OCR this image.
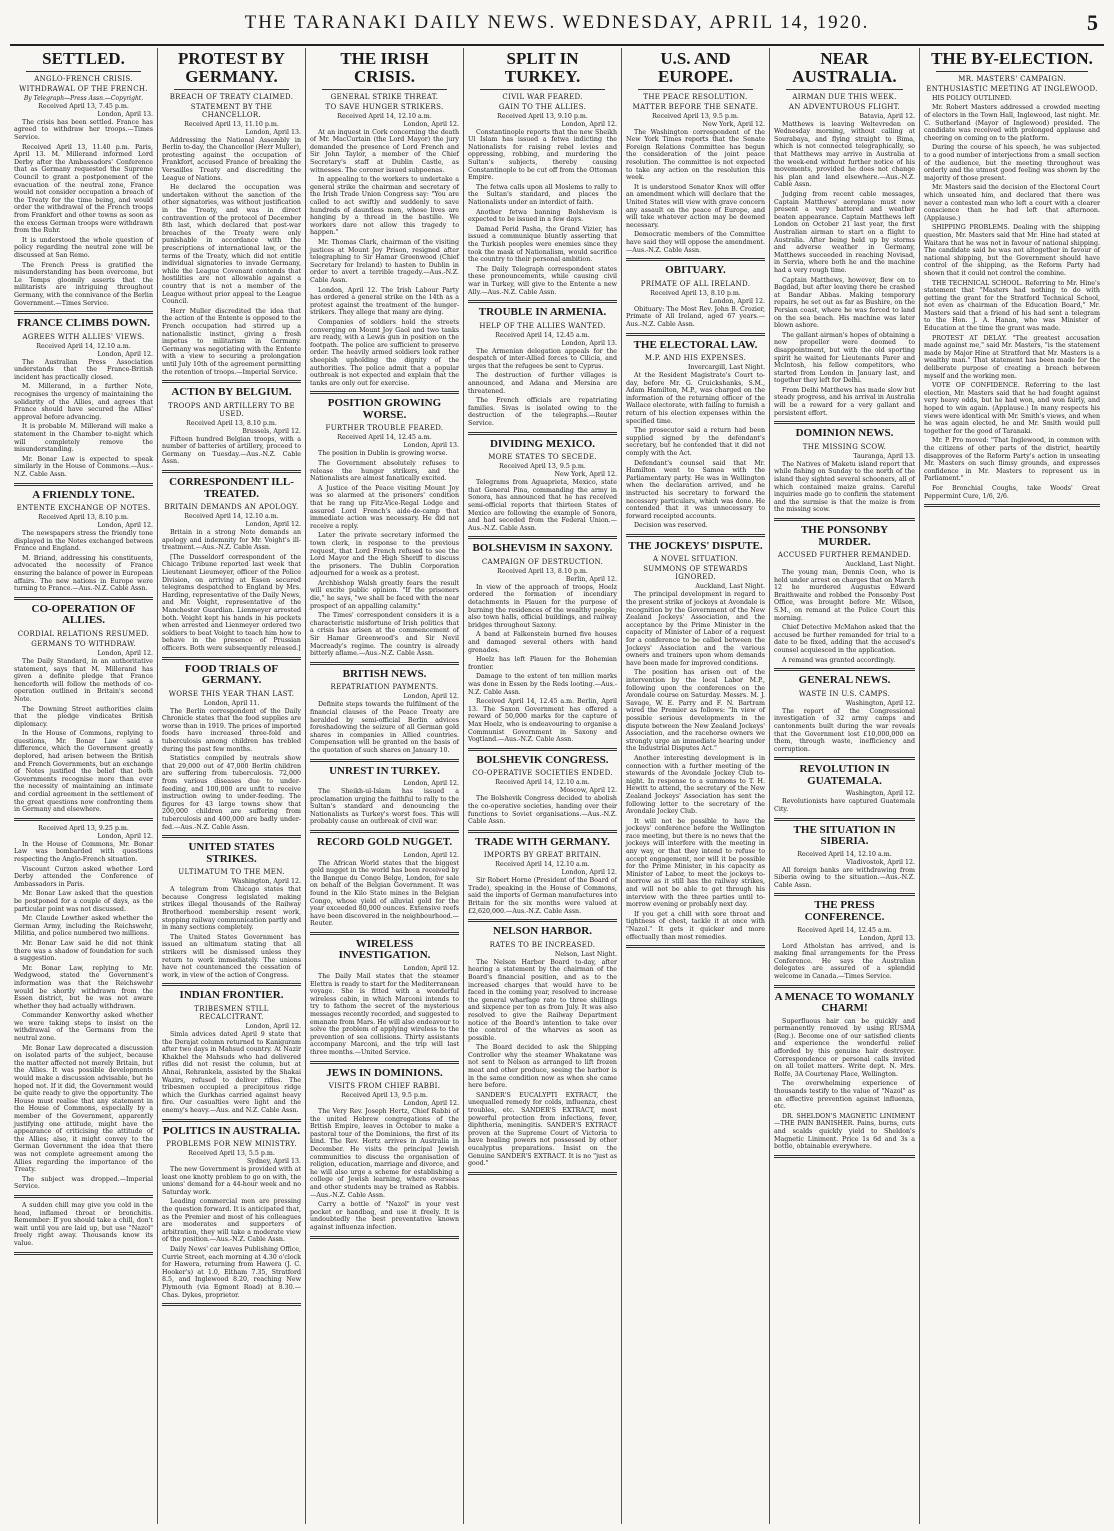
THE TARANAKI DAILY NEWS. WEDNESDAY, APRIL 14, 1920.	5
SETTLED.
ANGLO-FRENCH CRISIS.
WITHDRAWAL OF THE FRENCH.
By Telegraph—Press Assn.—Copyright.
Received April 13, 7.45 p.m.
London, April 13.

The crisis has been settled. France has agreed to withdraw her troops.—Times Service.

Received April 13, 11.40 p.m. Paris, April 13. M. Millerand informed Lord Derby after the Ambassadors' Conference that as Germany requested the Supreme Council to grant a postponement of the evacuation of the neutral zone, France would not consider occupation a breach of the Treaty for the time being, and would order the withdrawal of the French troops from Frankfort and other towns as soon as the excess German troops were withdrawn from the Ruhr.

It is understood the whole question of policy regarding the neutral zone will be discussed at San Remo.

The French Press is gratified the misunderstanding has been overcome, but Le Temps gloomily asserts that the militarists are intriguing throughout Germany, with the connivance of the Berlin Government.—Times Service.

FRANCE CLIMBS DOWN.
AGREES WITH ALLIES' VIEWS.
Received April 14, 12.10 a.m.
London, April 12.

The Australian Press Association understands that the France-British incident has practically closed.

M. Millerand, in a further Note, recognises the urgency of maintaining the solidarity of the Allies, and agrees that France should have secured the Allies' approval before advancing.

It is probable M. Millerand will make a statement in the Chamber to-night which will completely remove the misunderstanding.

Mr. Bonar Law is expected to speak similarly in the House of Commons.—Aus.-N.Z. Cable Assn.

A FRIENDLY TONE.
ENTENTE EXCHANGE OF NOTES.
Received April 13, 8.10 p.m.
London, April 12.

The newspapers stress the friendly tone displayed in the Notes exchanged between France and England.

M. Briand, addressing his constituents, advocated the necessity of France ensuring the balance of power in European affairs. The new nations in Europe were turning to France.—Aus.-N.Z. Cable Assn.

CO-OPERATION OF ALLIES.
CORDIAL RELATIONS RESUMED.
GERMANS TO WITHDRAW.
London, April 12.

The Daily Standard, in an authoritative statement, says that M. Millerand has given a definite pledge that France henceforth will follow the methods of co-operation outlined in Britain's second Note.

The Downing Street authorities claim that the pledge vindicates British diplomacy.

In the House of Commons, replying to questions, Mr. Bonar Law said a difference, which the Government greatly deplored, had arisen between the British and French Governments, but an exchange of Notes justified the belief that both Governments recognise more than ever the necessity of maintaining an intimate and cordial agreement in the settlement of the great questions now confronting them in Germany and elsewhere.

Received April 13, 9.25 p.m.
London, April 12.

In the House of Commons, Mr. Bonar Law was bombarded with questions respecting the Anglo-French situation.

Viscount Curzon asked whether Lord Derby attended the Conference of Ambassadors in Paris.

Mr. Bonar Law asked that the question be postponed for a couple of days, as the particular point was not discussed.

Mr. Claude Lowther asked whether the German Army, including the Reichswehr, Militia, and police numbered two millions.

Mr. Bonar Law said he did not think there was a shadow of foundation for such a suggestion.

Mr. Bonar Law, replying to Mr. Wedgwood, stated the Government's information was that the Reichswehr would be shortly withdrawn from the Essen district, but he was not aware whether they had actually withdrawn.

Commander Kenworthy asked whether we were taking steps to insist on the withdrawal of the Germans from the neutral zone.

Mr. Bonar Law deprecated a discussion on isolated parts of the subject, because the matter affected not merely Britain, but the Allies. It was possible developments would make a discussion advisable, but he hoped not. If it did, the Government would be quite ready to give the opportunity. The House must realise that any statement in the House of Commons, especially by a member of the Government, apparently justifying one attitude, might have the appearance of criticising the attitude of the Allies; also, it might convey to the German Government the idea that there was not complete agreement among the Allies regarding the importance of the Treaty.

The subject was dropped.—Imperial Service.

A sudden chill may give you cold in the head, inflamed throat or bronchitis. Remember: If you should take a chill, don't wait until you are laid up, but use "Nazol" freely right away. Thousands know its value.

PROTEST BY GERMANY.
BREACH OF TREATY CLAIMED.
STATEMENT BY THE CHANCELLOR.
Received April 13, 11.10 p.m.
London, April 13.

Addressing the National Assembly in Berlin to-day, the Chancellor (Herr Muller), protesting against the occupation of Frankfort, accused France of breaking the Versailles Treaty and discrediting the League of Nations.

He declared the occupation was undertaken without the sanction of the other signatories, was without justification in the Treaty, and was in direct contravention of the protocol of December 8th last, which declared that post-war breaches of the Treaty were only punishable in accordance with the prescriptions of international law, or the terms of the Treaty, which did not entitle individual signatories to invade Germany, while the League Covenant contends that hostilities are not allowable against a country that is not a member of the League without prior appeal to the League Council.

Herr Muller discredited the idea that the action of the Entente is opposed to the French occupation had stirred up a nationalistic instinct, giving a fresh impetus to militarism in Germany. Germany was negotiating with the Entente with a view to securing a prolongation until July 10th of the agreement permitting the retention of troops.—Imperial Service.

ACTION BY BELGIUM.
TROOPS AND ARTILLERY TO BE USED.
Received April 13, 8.10 p.m.
Brussels, April 12.

Fifteen hundred Belgian troops, with a number of batteries of artillery, proceed to Germany on Tuesday.—Aus.-N.Z. Cable Assn.

CORRESPONDENT ILL-TREATED.
BRITAIN DEMANDS AN APOLOGY.
Received April 14, 12.10 a.m.
London, April 12.

Britain in a strong Note demands an apology and indemnity for Mr. Voight's ill-treatment.—Aus.-N.Z. Cable Assn.

[The Dusseldorf correspondent of the Chicago Tribune reported last week that Lieutenant Lieumeyer, officer of the Police Division, on arriving at Essen secured telegrams despatched to England by Mrs. Harding, representative of the Daily News, and Mr. Voight, representative of the Manchester Guardian. Lienmeyer arrested both. Voight kept his hands in his pockets when arrested and Lienmeyer ordered two soldiers to beat Voight to teach him how to behave in the presence of Prussian officers. Both were subsequently released.]

FOOD TRIALS OF GERMANY.
WORSE THIS YEAR THAN LAST.
London, April 11.

The Berlin correspondent of the Daily Chronicle states that the food supplies are worse than in 1919. The prices of imported foods have increased three-fold and tuberculosis among children has trebled during the past few months.

Statistics compiled by neutrals show that 29,000 out of 47,000 Berlin children are suffering from tuberculosis. 72,000 from various diseases due to under-feeding, and 100,000 are unfit to receive instruction owing to under-feeding. The figures for 43 large towns show that 200,000 children are suffering from tuberculosis and 400,000 are badly under-fed.—Aus.-N.Z. Cable Assn.

UNITED STATES STRIKES.
ULTIMATUM TO THE MEN.
Washington, April 12.

A telegram from Chicago states that because Congress legislated making strikes illegal thousands of the Railway Brotherhood membership resent work, stopping railway communication partly and in many sections completely.

The United States Government has issued an ultimatum stating that all strikers will be dismissed unless they return to work immediately. The unions have not countenanced the cessation of work, in view of the action of Congress.

INDIAN FRONTIER.
TRIBESMEN STILL RECALCITRANT.
London, April 12.

Simla advices dated April 9 state that the Derajat column returned to Kaniguram after two days in Mahsud country. At Nazir Khakhel the Mahsuds who had delivered rifles did not resist the column, but at Ahnai, Rehrankela, assisted by the Shakai Wazirs, refused to deliver rifles. The tribesmen occupied a precipitous ridge which the Gurkhas carried against heavy fire. Our casualties were light and the enemy's heavy.—Aus. and N.Z. Cable Assn.

POLITICS IN AUSTRALIA.
PROBLEMS FOR NEW MINISTRY.
Received April 13, 5.5 p.m.
Sydney, April 13.

The new Government is provided with at least one knotty problem to go on with, the unions' demand for a 44-hour week and no Saturday work.

Leading commercial men are pressing the question forward. It is anticipated that, as the Premier and most of his colleagues are moderates and supporters of arbitration, they will take a moderate view of the position.—Aus.-N.Z. Cable Assn.

Daily News' car leaves Publishing Office, Currie Street, each morning at 4.30 o'clock for Hawera, returning from Hawera (J. C. Hooker's) at 1.0, Eltham 7.35, Stratford 8.5, and Inglewood 8.20, reaching New Plymouth (via Egmont Road) at 8.30.—Chas. Dykes, proprietor.

THE IRISH CRISIS.
GENERAL STRIKE THREAT.
TO SAVE HUNGER STRIKERS.
Received April 14, 12.10 a.m.
London, April 12.

At an inquest in Cork concerning the death of Mr. MacCurtain (the Lord Mayor) the jury demanded the presence of Lord French and Sir John Taylor, a member of the Chief Secretary's staff at Dublin Castle, as witnesses. The coroner issued subpoenas.

In appealing to the workers to undertake a general strike the chairman and secretary of the Irish Trade Union Congress say: "You are called to act swiftly and suddenly to save hundreds of dauntless men, whose lives are hanging by a thread in the bastille. We workers dare not allow this tragedy to happen."

Mr. Thomas Clark, chairman of the visiting justices at Mount Joy Prison, resigned after telegraphing to Sir Hamar Greenwood (Chief Secretary for Ireland) to hasten to Dublin in order to avert a terrible tragedy.—Aus.-N.Z. Cable Assn.

London, April 12. The Irish Labour Party has ordered a general strike on the 14th as a protest against the treatment of the hunger-strikers. They allege that many are dying.

Companies of soldiers hold the streets converging on Mount Joy Gaol and two tanks are ready, with a Lewis gun in position on the footpath. The police are sufficient to preserve order. The heavily armed soldiers look rather sheepish upholding the dignity of the authorities. The police admit that a popular outbreak is not expected and explain that the tanks are only out for exercise.

POSITION GROWING WORSE.
FURTHER TROUBLE FEARED.
Received April 14, 12.45 a.m.
London, April 13.

The position in Dublin is growing worse.

The Government absolutely refuses to release the hunger strikers, and the Nationalists are almost fanatically excited.

A Justice of the Peace visiting Mount Joy was so alarmed at the prisoners' condition that he rang up Fitz-Vice-Regal Lodge and assured Lord French's aide-de-camp that immediate action was necessary. He did not receive a reply.

Later the private secretary informed the town clerk, in response to the previous request, that Lord French refused to see the Lord Mayor and the High Sheriff to discuss the prisoners. The Dublin Corporation adjourned for a week as a protest.

Archbishop Walsh greatly fears the result will excite public opinion. "If the prisoners die," he says, "we shall be faced with the near prospect of an appalling calamity."

The Times' correspondent considers it is a characteristic misfortune of Irish politics that a crisis has arisen at the commencement of Sir Hamar Greenwood's and Sir Nevil Macready's regime. The country is already bitterly aflame.—Aus.-N.Z. Cable Assn.

BRITISH NEWS.
REPATRIATION PAYMENTS.
London, April 12.

Definite steps towards the fulfilment of the financial clauses of the Peace Treaty are heralded by semi-official Berlin advices foreshadowing the seizure of all German gold shares in companies in Allied countries. Compensation will be granted on the basis of the quotation of such shares on January 10.

UNREST IN TURKEY.
London, April 12.

The Sheikh-ul-Islam has issued a proclamation urging the faithful to rally to the Sultan's standard and denouncing the Nationalists as Turkey's worst foes. This will probably cause an outbreak of civil war.

RECORD GOLD NUGGET.
London, April 12.

The African World states that the biggest gold nugget in the world has been received by the Banque du Congo Belge, London, for sale on behalf of the Belgian Government. It was found in the Kilo State mines in the Belgian Congo, whose yield of alluvial gold for the year exceeded 80,000 ounces. Extensive reefs have been discovered in the neighbourhood.—Reuter.

WIRELESS INVESTIGATION.
London, April 12.

The Daily Mail states that the steamer Elettra is ready to start for the Mediterranean voyage. She is fitted with a wonderful wireless cabin, in which Marconi intends to try to fathom the secret of the mysterious messages recently recorded, and suggested to emanate from Mars. He will also endeavour to solve the problem of applying wireless to the prevention of sea collisions. Thirty assistants accompany Marconi, and the trip will last three months.—United Service.

JEWS IN DOMINIONS.
VISITS FROM CHIEF RABBI.
Received April 13, 9.5 p.m.
London, April 12.

The Very Rev. Joseph Hertz, Chief Rabbi of the united Hebrew congregations of the British Empire, leaves in October to make a pastoral tour of the Dominions, the first of its kind. The Rev. Hertz arrives in Australia in December. He visits the principal Jewish communities to discuss the organisation of religion, education, marriage and divorce, and he will also urge a scheme for establishing a college of Jewish learning, where overseas and other students may be trained as Rabbis.—Aus.-N.Z. Cable Assn.

Carry a bottle of "Nazol" in your vest pocket or handbag, and use it freely. It is undoubtedly the best preventative known against influenza infection.

SPLIT IN TURKEY.
CIVIL WAR FEARED.
GAIN TO THE ALLIES.
Received April 13, 9.10 p.m.
London, April 12.

Constantinople reports that the new Sheikh Ul Islam has issued a fetwa indicting the Nationalists for raising rebel levies and oppressing, robbing, and murdering the Sultan's subjects, thereby causing Constantinople to be cut off from the Ottoman Empire.

The fetwa calls upon all Moslems to rally to the Sultan's standard, and places the Nationalists under an interdict of faith.

Another fetwa banning Bolshevism is expected to be issued in a few days.

Damad Ferid Pasha, the Grand Vizier, has issued a communique bluntly asserting that the Turkish peoples were enemies since they took the mask of Nationalism, would sacrifice the country to their personal ambition.

The Daily Telegraph correspondent states these pronouncements, while causing civil war in Turkey, will give to the Entente a new Ally.—Aus.-N.Z. Cable Assn.

TROUBLE IN ARMENIA.
HELP OF THE ALLIES WANTED.
Received April 14, 12.45 a.m.
London, April 13.

The Armenian delegation appeals for the despatch of inter-Allied forces to Cilicia, and urges that the refugees be sent to Cyprus.

The destruction of further villages is announced, and Adana and Mersina are threatened.

The French officials are repatriating families. Sivas is isolated owing to the destruction of the telegraphs.—Reuter Service.

DIVIDING MEXICO.
MORE STATES TO SECEDE.
Received April 13, 9.5 p.m.
New York, April 12.

Telegrams from Aguaprieta, Mexico, state that General Pina, commanding the army in Sonora, has announced that he has received semi-official reports that thirteen States of Mexico are following the example of Sonora, and had seceded from the Federal Union.—Aus.-N.Z. Cable Assn.

BOLSHEVISM IN SAXONY.
CAMPAIGN OF DESTRUCTION.
Received April 13, 8.10 p.m.
Berlin, April 12.

In view of the approach of troops, Hoelz ordered the formation of incendiary detachments in Plauen for the purpose of burning the residences of the wealthy people; also town halls, official buildings, and railway bridges throughout Saxony.

A band at Falkenstein burned five houses and damaged several others with hand grenades.

Hoelz has left Plauen for the Bohemian frontier.

Damage to the extent of ten million marks was done in Essen by the Reds looting.—Aus.-N.Z. Cable Assn.

Received April 14, 12.45 a.m. Berlin, April 13. The Saxon Government has offered a reward of 50,000 marks for the capture of Max Hoelz, who is endeavouring to organise a Communist Government in Saxony and Vogtland.—Aus.-N.Z. Cable Assn.

BOLSHEVIK CONGRESS.
CO-OPERATIVE SOCIETIES ENDED.
Received April 14, 12.10 a.m.
Moscow, April 12.

The Bolshevik Congress decided to abolish the co-operative societies, handing over their functions to Soviet organisations.—Aus.-N.Z. Cable Assn.

TRADE WITH GERMANY.
IMPORTS BY GREAT BRITAIN.
Received April 14, 12.10 a.m.
London, April 12.

Sir Robert Horne (President of the Board of Trade), speaking in the House of Commons, said the imports of German manufactures into Britain for the six months were valued at £2,620,000.—Aus.-N.Z. Cable Assn.

NELSON HARBOR.
RATES TO BE INCREASED.
Nelson, Last Night.

The Nelson Harbor Board to-day, after hearing a statement by the chairman of the Board's financial position, and as to the increased charges that would have to be faced in the coming year, resolved to increase the general wharfage rate to three shillings and sixpence per ton as from July. It was also resolved to give the Railway Department notice of the Board's intention to take over the control of the wharves as soon as possible.

The Board decided to ask the Shipping Controller why the steamer Whakatane was not sent to Nelson as arranged to lift frozen meat and other produce, seeing the harbor is in the same condition now as when she came here before.

SANDER'S EUCALYPTI EXTRACT, the unequalled remedy for colds, influenza, chest troubles, etc. SANDER'S EXTRACT, most powerful protection from infections, fever, diphtheria, meningitis. SANDER'S EXTRACT proven at the Supreme Court of Victoria to have healing powers not possessed by other eucalyptus preparations. Insist on the Genuine SANDER'S EXTRACT. It is no "just as good."

U.S. AND EUROPE.
THE PEACE RESOLUTION.
MATTER BEFORE THE SENATE.
Received April 13, 9.5 p.m.
New York, April 12.

The Washington correspondent of the New York Times reports that the Senate Foreign Relations Committee has begun the consideration of the joint peace resolution. The committee is not expected to take any action on the resolution this week.

It is understood Senator Knox will offer an amendment which will declare that the United States will view with grave concern any assault on the peace of Europe, and will take whatever action may be deemed necessary.

Democratic members of the Committee have said they will oppose the amendment.—Aus.-N.Z. Cable Assn.

OBITUARY.
PRIMATE OF ALL IRELAND.
Received April 13, 8.10 p.m.
London, April 12.

Obituary: The Most Rev. John B. Crozier, Primate of All Ireland, aged 67 years.—Aus.-N.Z. Cable Assn.

THE ELECTORAL LAW.
M.P. AND HIS EXPENSES.
Invercargill, Last Night.

At the Resident Magistrate's Court to-day, before Mr. G. Cruickshanks, S.M., Adam Hamilton, M.P., was charged on the information of the returning officer of the Wallace electorate, with failing to furnish a return of his election expenses within the specified time.

The prosecutor said a return had been supplied signed by the defendant's secretary, but he contended that it did not comply with the Act.

Defendant's counsel said that Mr. Hamilton went to Samoa with the Parliamentary party. He was in Wellington when the declaration arrived, and he instructed his secretary to forward the necessary particulars, which was done. He contended that it was unnecessary to forward receipted accounts.

Decision was reserved.

THE JOCKEYS' DISPUTE.
A NOVEL SITUATION.
SUMMONS OF STEWARDS IGNORED.
Auckland, Last Night.

The principal development in regard to the present strike of jockeys at Avondale is recognition by the Government of the New Zealand Jockeys' Association, and the acceptance by the Prime Minister in the capacity of Minister of Labor of a request for a conference to be called between the Jockeys' Association and the various owners and trainers upon whom demands have been made for improved conditions.

The position has arisen out of the intervention by the local Labor M.P., following upon the conferences on the Avondale course on Saturday. Messrs. M. J. Savage, W. E. Parry and F. N. Bartram wired the Premier as follows: "In view of possible serious developments in the dispute between the New Zealand Jockeys' Association, and the racehorse owners we strongly urge an immediate hearing under the Industrial Disputes Act."

Another interesting development is in connection with a further meeting of the stewards of the Avondale Jockey Club to-night. In response to a summons to T. H. Hewitt to attend, the secretary of the New Zealand Jockeys' Association has sent the following letter to the secretary of the Avondale Jockey Club.

It will not be possible to have the jockeys' conference before the Wellington race meeting, but there is no news that the jockeys will interfere with the meeting in any way, or that they intend to refuse to accept engagement, nor will it be possible for the Prime Minister, in his capacity as Minister of Labor, to meet the jockeys to-morrow as it still has the railway strikes, and will not be able to get through his interview with the three parties until to-morrow evening or probably next day.

If you get a chill with sore throat and tightness of chest, tackle it at once with "Nazol." It gets it quicker and more effectually than most remedies.

NEAR AUSTRALIA.
AIRMAN DUE THIS WEEK.
AN ADVENTUROUS FLIGHT.
Batavia, April 12.

Matthews is leaving Weltevreden on Wednesday morning, without calling at Sourabaya, and flying straight to Bima, which is not connected telegraphically, so that Matthews may arrive in Australia at the week-end without further notice of his movements, provided he does not change his plan and land elsewhere.—Aus.-N.Z. Cable Assn.

Judging from recent cable messages, Captain Matthews' aeroplane must now present a very battered and weather beaten appearance. Captain Matthews left London on October 21 last year, the first Australian airman to start on a flight to Australia. After being held up by storms and adverse weather in Germany, Matthews succeeded in reaching Novisad, in Servia, where both he and the machine had a very rough time.

Captain Matthews, however, flew on to Bagdad, but after leaving there he crashed at Bandar Abbas. Making temporary repairs, he set out as far as Bushire, on the Persian coast, where he was forced to land on the sea beach. His machine was later blown ashore.

The gallant airman's hopes of obtaining a new propeller were doomed to disappointment, but with the old sporting spirit he waited for Lieutenants Parer and McIntosh, his fellow competitors, who started from London in January last, and together they left for Delhi.

From Delhi Matthews has made slow but steady progress, and his arrival in Australia will be a reward for a very gallant and persistent effort.

DOMINION NEWS.
THE MISSING SCOW.
Tauranga, April 13.

The Natives of Maketu island report that while fishing on Sunday to the north of the island they sighted several schooners, all of which contained maize grains. Careful inquiries made go to confirm the statement and the surmise is that the maize is from the missing scow.

THE PONSONBY MURDER.
ACCUSED FURTHER REMANDED.
Auckland, Last Night.

The young man, Dennis Coen, who is held under arrest on charges that on March 12 he murdered Augustus Edward Braithwaite and robbed the Ponsonby Post Office, was brought before Mr. Wilson, S.M., on remand at the Police Court this morning.

Chief Detective McMahon asked that the accused be further remanded for trial to a date to be fixed, adding that the accused's counsel acquiesced in the application.

A remand was granted accordingly.

GENERAL NEWS.
WASTE IN U.S. CAMPS.
Washington, April 12.

The report of the Congressional investigation of 32 army camps and cantonments built during the war reveals that the Government lost £10,000,000 on them, through waste, inefficiency and corruption.

REVOLUTION IN GUATEMALA.
Washington, April 12.

Revolutionists have captured Guatemala City.

THE SITUATION IN SIBERIA.
Received April 14, 12.10 a.m.
Vladivostok, April 12.

All foreign banks are withdrawing from Siberia owing to the situation.—Aus.-N.Z. Cable Assn.

THE PRESS CONFERENCE.
Received April 14, 12.45 a.m.
London, April 13.

Lord Atholstan has arrived, and is making final arrangements for the Press Conference. He says the Australian delegates are assured of a splendid welcome in Canada.—Times Service.

A MENACE TO WOMANLY CHARM!

Superfluous hair can be quickly and permanently removed by using RUSMA (Reg.). Become one of our satisfied clients and experience the wonderful relief afforded by this genuine hair destroyer. Correspondence or personal calls invited on all toilet matters. Write dept. N. Mrs. Rolfe, 3A Courtenay Place, Wellington.

The overwhelming experience of thousands testify to the value of "Nazol" as an effective prevention against influenza, etc.

DR. SHELDON'S MAGNETIC LINIMENT—THE PAIN BANISHER. Pains, burns, cuts and scalds quickly yield to Sheldon's Magnetic Liniment. Price 1s 6d and 3s a bottle, obtainable everywhere.

THE BY-ELECTION.
MR. MASTERS' CAMPAIGN.
ENTHUSIASTIC MEETING AT INGLEWOOD.

HIS POLICY OUTLINED.

Mr. Robert Masters addressed a crowded meeting of electors in the Town Hall, Inglewood, last night. Mr. C. Sutherland (Mayor of Inglewood) presided. The candidate was received with prolonged applause and cheering on coming on to the platform.

During the course of his speech, he was subjected to a good number of interjections from a small section of the audience, but the meeting throughout was orderly and the utmost good feeling was shown by the majority of those present.

Mr. Masters said the decision of the Electoral Court which unseated him, and declared that there was never a contested man who left a court with a clearer conscience than he had left that afternoon. (Applause.)

SHIPPING PROBLEMS. Dealing with the shipping question, Mr. Masters said that Mr. Hine had stated at Waitara that he was not in favour of national shipping. The candidate said he was not altogether in favour of national shipping, but the Government should have control of the shipping, as the Reform Party had shown that it could not control the combine.

THE TECHNICAL SCHOOL. Referring to Mr. Hine's statement that "Masters had nothing to do with getting the grant for the Stratford Technical School, not even as chairman of the Education Board," Mr. Masters said that a friend of his had sent a telegram to the Hon. J. A. Hanan, who was Minister of Education at the time the grant was made.

PROTEST AT DELAY. "The greatest accusation made against me," said Mr. Masters, "is the statement made by Major Hine at Stratford that Mr. Masters is a wealthy man." That statement has been made for the deliberate purpose of creating a breach between myself and the working men.

VOTE OF CONFIDENCE. Referring to the last election, Mr. Masters said that he had fought against very heavy odds, but he had won, and won fairly, and hoped to win again. (Applause.) In many respects his views were identical with Mr. Smith's views, and when he was again elected, he and Mr. Smith would pull together for the good of Taranaki.

Mr. P. Pro moved: "That Inglewood, in common with the citizens of other parts of the district, heartily disapproves of the Reform Party's action in unseating Mr. Masters on such flimsy grounds, and expresses confidence in Mr. Masters to represent us in Parliament."

For Bronchial Coughs, take Woods' Great Peppermint Cure, 1/6, 2/6.
